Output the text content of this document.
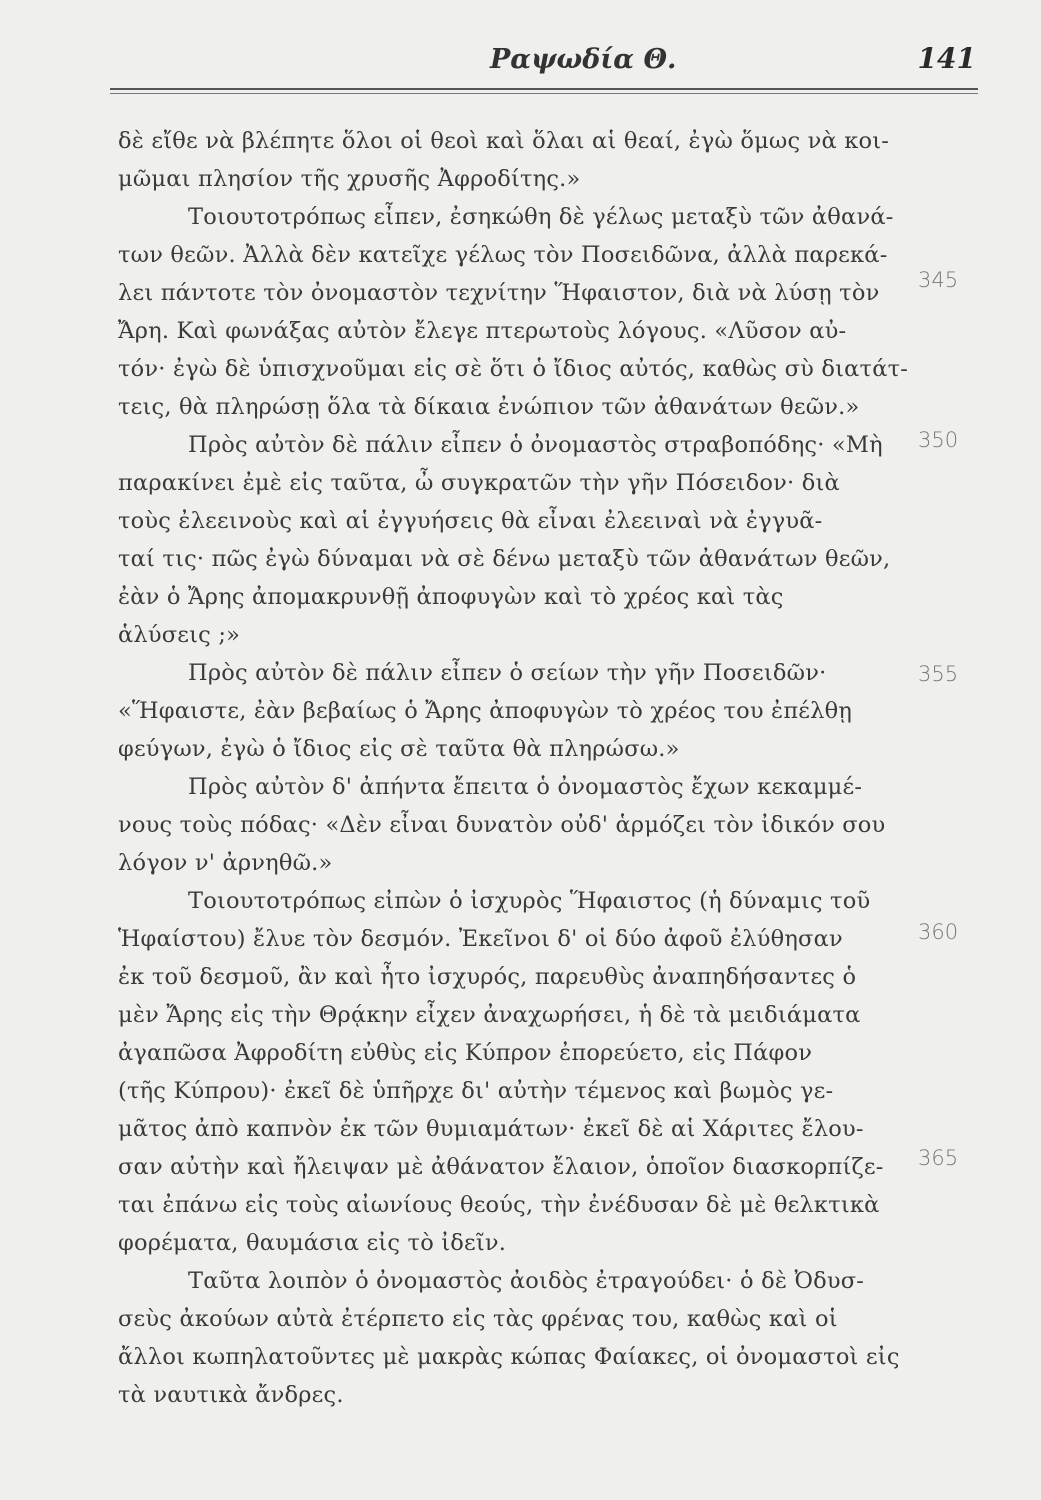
Ραψωδία Θ.	141
δὲ εἴθε νὰ βλέπητε ὅλοι οἱ θεοὶ καὶ ὅλαι αἱ θεαί, ἐγὼ ὅμως νὰ κοι-
μῶμαι πλησίον τῆς χρυσῆς Ἀφροδίτης.»
Τοιουτοτρόπως εἶπεν, ἐσηκώθη δὲ γέλως μεταξὺ τῶν ἀθανά-
των θεῶν. Ἀλλὰ δὲν κατεῖχε γέλως τὸν Ποσειδῶνα, ἀλλὰ παρεκά-
λει πάντοτε τὸν ὀνομαστὸν τεχνίτην Ἥφαιστον, διὰ νὰ λύσῃ τὸν
Ἄρη. Καὶ φωνάξας αὐτὸν ἔλεγε πτερωτοὺς λόγους. «Λῦσον αὐ-
τόν· ἐγὼ δὲ ὑπισχνοῦμαι εἰς σὲ ὅτι ὁ ἴδιος αὐτός, καθὼς σὺ διατάτ-
τεις, θὰ πληρώσῃ ὅλα τὰ δίκαια ἐνώπιον τῶν ἀθανάτων θεῶν.»
Πρὸς αὐτὸν δὲ πάλιν εἶπεν ὁ ὀνομαστὸς στραβοπόδης· «Μὴ
παρακίνει ἐμὲ εἰς ταῦτα, ὦ συγκρατῶν τὴν γῆν Πόσειδον· διὰ
τοὺς ἐλεεινοὺς καὶ αἱ ἐγγυήσεις θὰ εἶναι ἐλεειναὶ νὰ ἐγγυᾶ-
ταί τις· πῶς ἐγὼ δύναμαι νὰ σὲ δένω μεταξὺ τῶν ἀθανάτων θεῶν,
ἐὰν ὁ Ἄρης ἀπομακρυνθῇ ἀποφυγὼν καὶ τὸ χρέος καὶ τὰς
ἁλύσεις ;»
Πρὸς αὐτὸν δὲ πάλιν εἶπεν ὁ σείων τὴν γῆν Ποσειδῶν·
«Ἥφαιστε, ἐὰν βεβαίως ὁ Ἄρης ἀποφυγὼν τὸ χρέος του ἐπέλθῃ
φεύγων, ἐγὼ ὁ ἴδιος εἰς σὲ ταῦτα θὰ πληρώσω.»
Πρὸς αὐτὸν δ' ἀπήντα ἔπειτα ὁ ὀνομαστὸς ἔχων κεκαμμέ-
νους τοὺς πόδας· «Δὲν εἶναι δυνατὸν οὐδ' ἁρμόζει τὸν ἰδικόν σου
λόγον ν' ἀρνηθῶ.»
Τοιουτοτρόπως εἰπὼν ὁ ἰσχυρὸς Ἥφαιστος (ἡ δύναμις τοῦ
Ἡφαίστου) ἔλυε τὸν δεσμόν. Ἐκεῖνοι δ' οἱ δύο ἀφοῦ ἐλύθησαν
ἐκ τοῦ δεσμοῦ, ἂν καὶ ἦτο ἰσχυρός, παρευθὺς ἀναπηδήσαντες ὁ
μὲν Ἄρης εἰς τὴν Θρᾴκην εἶχεν ἀναχωρήσει, ἡ δὲ τὰ μειδιάματα
ἀγαπῶσα Ἀφροδίτη εὐθὺς εἰς Κύπρον ἐπορεύετο, εἰς Πάφον
(τῆς Κύπρου)· ἐκεῖ δὲ ὑπῆρχε δι' αὐτὴν τέμενος καὶ βωμὸς γε-
μᾶτος ἀπὸ καπνὸν ἐκ τῶν θυμιαμάτων· ἐκεῖ δὲ αἱ Χάριτες ἔλου-
σαν αὐτὴν καὶ ἤλειψαν μὲ ἀθάνατον ἔλαιον, ὁποῖον διασκορπίζε-
ται ἐπάνω εἰς τοὺς αἰωνίους θεούς, τὴν ἐνέδυσαν δὲ μὲ θελκτικὰ
φορέματα, θαυμάσια εἰς τὸ ἰδεῖν.
Ταῦτα λοιπὸν ὁ ὀνομαστὸς ἀοιδὸς ἐτραγούδει· ὁ δὲ Ὀδυσ-
σεὺς ἀκούων αὐτὰ ἐτέρπετο εἰς τὰς φρένας του, καθὼς καὶ οἱ
ἄλλοι κωπηλατοῦντες μὲ μακρὰς κώπας Φαίακες, οἱ ὀνομαστοὶ εἰς
τὰ ναυτικὰ ἄνδρες.
345
350
355
360
365
